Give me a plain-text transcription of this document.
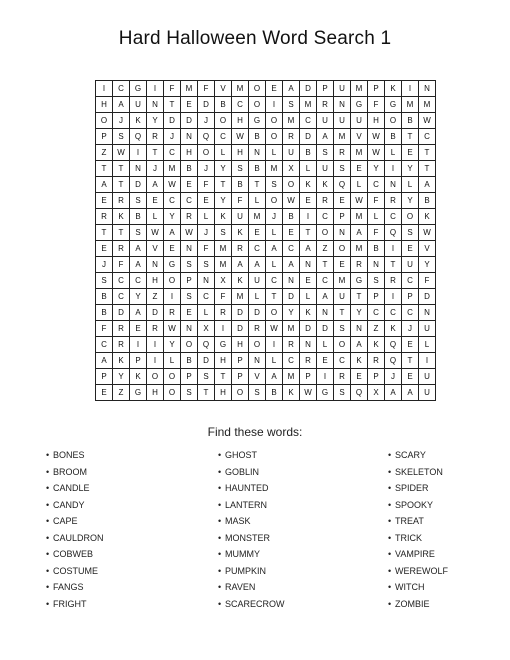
Hard Halloween Word Search 1
I	C	G	I	F	M	F	V	M	O	E	A	D	P	U	M	P	K	I	N
H	A	U	N	T	E	D	B	C	O	I	S	M	R	N	G	F	G	M	M
O	J	K	Y	D	D	J	O	H	G	O	M	C	U	U	U	H	O	B	W
P	S	Q	R	J	N	Q	C	W	B	O	R	D	A	M	V	W	B	T	C
Z	W	I	T	C	H	O	L	H	N	L	U	B	S	R	M	W	L	E	T
T	T	N	J	M	B	J	Y	S	B	M	X	L	U	S	E	Y	I	Y	T
A	T	D	A	W	E	F	T	B	T	S	O	K	K	Q	L	C	N	L	A
E	R	S	E	C	C	E	Y	F	L	O	W	E	R	E	W	F	R	Y	B
R	K	B	L	Y	R	L	K	U	M	J	B	I	C	P	M	L	C	O	K
T	T	S	W	A	W	J	S	K	E	L	E	T	O	N	A	F	Q	S	W
E	R	A	V	E	N	F	M	R	C	A	C	A	Z	O	M	B	I	E	V
J	F	A	N	G	S	S	M	A	A	L	A	N	T	E	R	N	T	U	Y
S	C	C	H	O	P	N	X	K	U	C	N	E	C	M	G	S	R	C	F
B	C	Y	Z	I	S	C	F	M	L	T	D	L	A	U	T	P	I	P	D
B	D	A	D	R	E	L	R	D	D	O	Y	K	N	T	Y	C	C	C	N
F	R	E	R	W	N	X	I	D	R	W	M	D	D	S	N	Z	K	J	U
C	R	I	I	Y	O	Q	G	H	O	I	R	N	L	O	A	K	Q	E	L
A	K	P	I	L	B	D	H	P	N	L	C	R	E	C	K	R	Q	T	I
P	Y	K	O	O	P	S	T	P	V	A	M	P	I	R	E	P	J	E	U
E	Z	G	H	O	S	T	H	O	S	B	K	W	G	S	Q	X	A	A	U
Find these words:
• BONES
• BROOM
• CANDLE
• CANDY
• CAPE
• CAULDRON
• COBWEB
• COSTUME
• FANGS
• FRIGHT
• GHOST
• GOBLIN
• HAUNTED
• LANTERN
• MASK
• MONSTER
• MUMMY
• PUMPKIN
• RAVEN
• SCARECROW
• SCARY
• SKELETON
• SPIDER
• SPOOKY
• TREAT
• TRICK
• VAMPIRE
• WEREWOLF
• WITCH
• ZOMBIE
